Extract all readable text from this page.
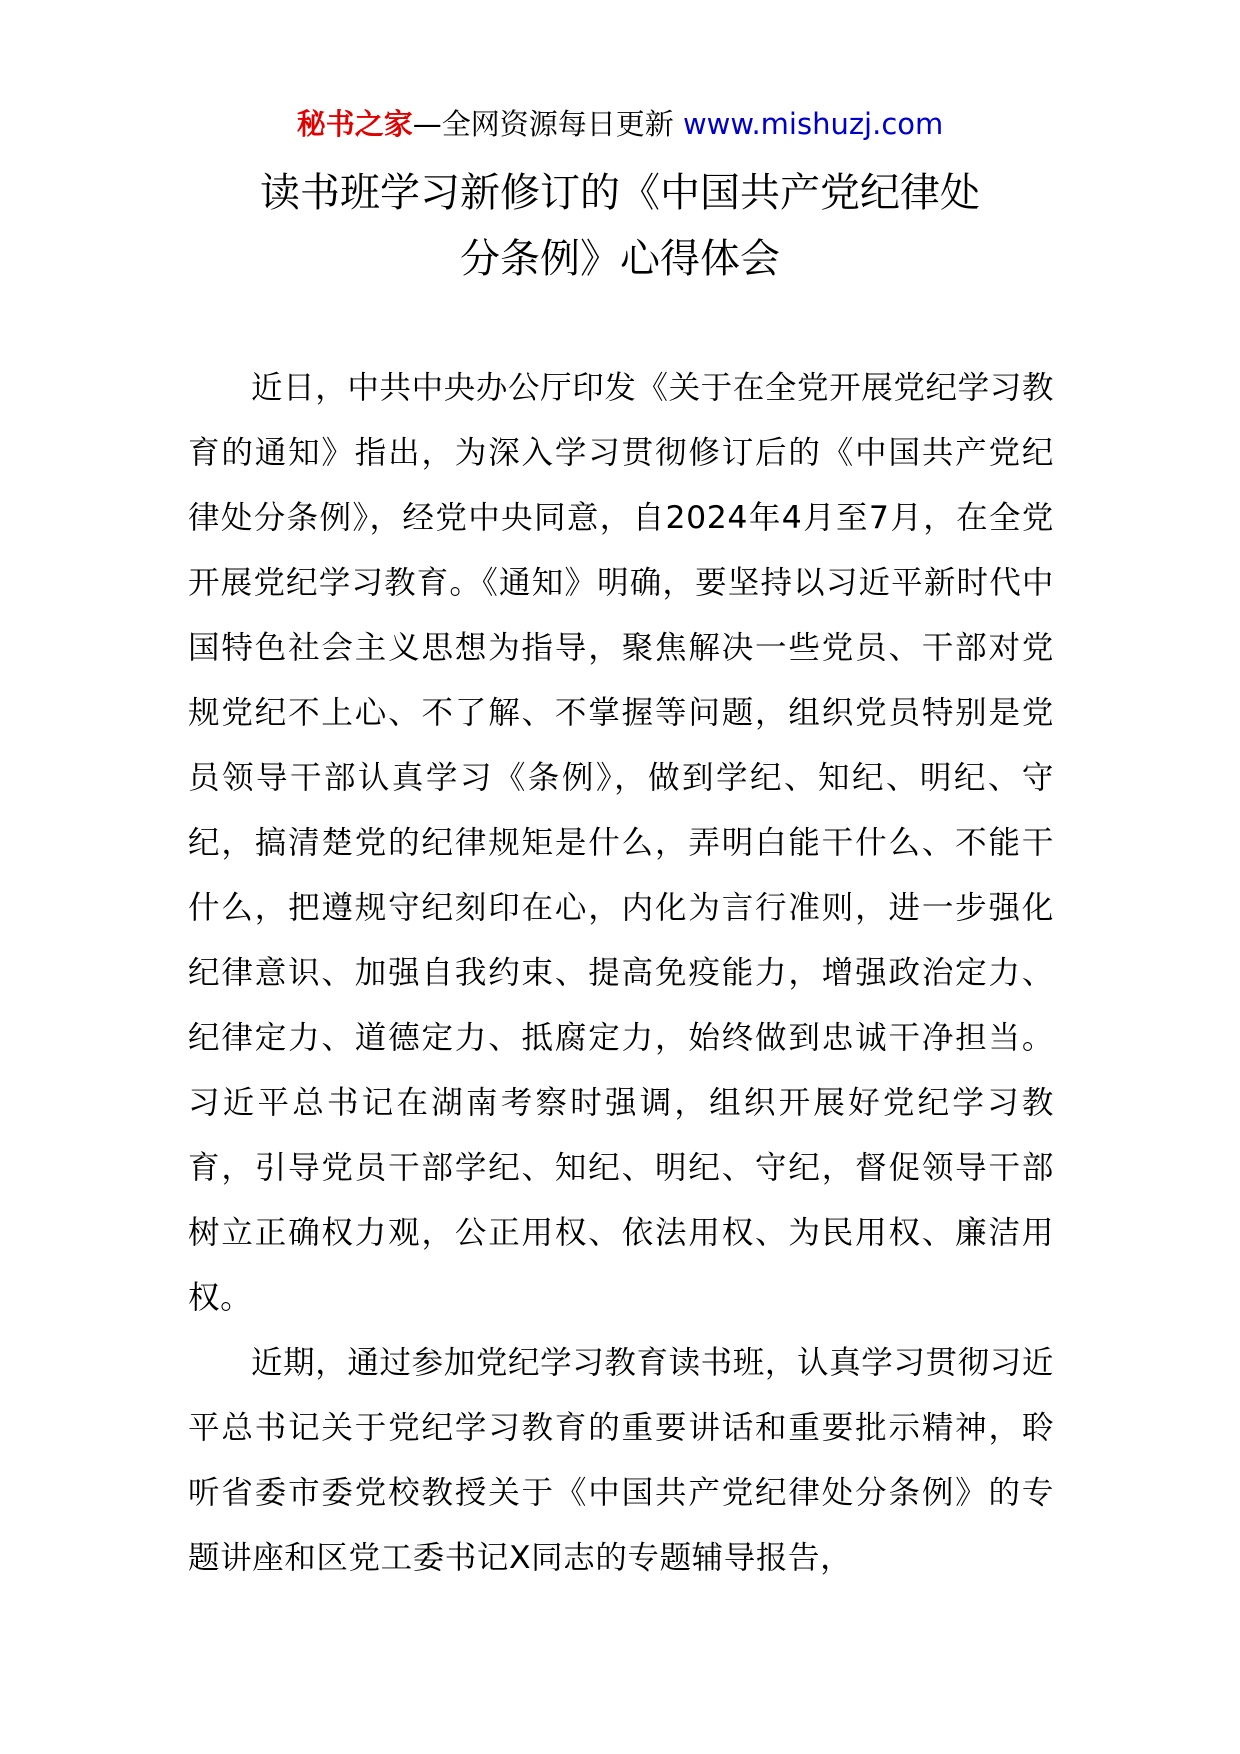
秘书之家—全网资源每日更新 www.mishuzj.com
读书班学习新修订的《中国共产党纪律处
分条例》心得体会

近日，中共中央办公厅印发《关于在全党开展党纪学习教育的通知》指出，为深入学习贯彻修订后的《中国共产党纪律处分条例》，经党中央同意，自2024年4月至7月，在全党开展党纪学习教育。《通知》明确，要坚持以习近平新时代中国特色社会主义思想为指导，聚焦解决一些党员、干部对党规党纪不上心、不了解、不掌握等问题，组织党员特别是党员领导干部认真学习《条例》，做到学纪、知纪、明纪、守纪，搞清楚党的纪律规矩是什么，弄明白能干什么、不能干什么，把遵规守纪刻印在心，内化为言行准则，进一步强化纪律意识、加强自我约束、提高免疫能力，增强政治定力、纪律定力、道德定力、抵腐定力，始终做到忠诚干净担当。习近平总书记在湖南考察时强调，组织开展好党纪学习教育，引导党员干部学纪、知纪、明纪、守纪，督促领导干部树立正确权力观，公正用权、依法用权、为民用权、廉洁用权。

近期，通过参加党纪学习教育读书班，认真学习贯彻习近平总书记关于党纪学习教育的重要讲话和重要批示精神，聆听省委市委党校教授关于《中国共产党纪律处分条例》的专题讲座和区党工委书记X同志的专题辅导报告，
